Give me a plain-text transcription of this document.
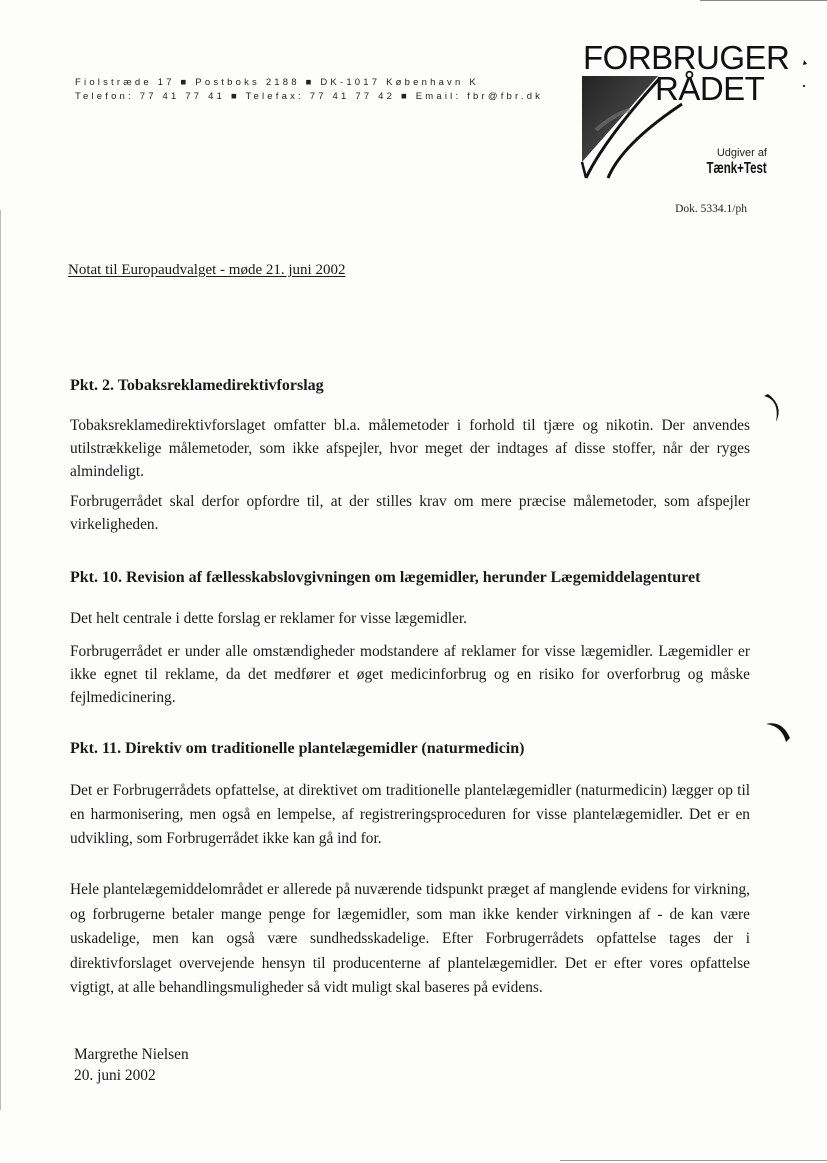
Fiolstræde 17 ■ Postboks 2188 ■ DK-1017 København K
Telefon: 77 41 77 41 ■ Telefax: 77 41 77 42 ■ Email: fbr@fbr.dk
FORBRUGER
RÅDET
Udgiver af
Tænk+Test
Dok. 5334.1/ph
Notat til Europaudvalget - møde 21. juni 2002
Pkt. 2. Tobaksreklamedirektivforslag

Tobaksreklamedirektivforslaget omfatter bl.a. målemetoder i forhold til tjære og nikotin. Der anvendes utilstrækkelige målemetoder, som ikke afspejler, hvor meget der indtages af disse stoffer, når der ryges almindeligt.

Forbrugerrådet skal derfor opfordre til, at der stilles krav om mere præcise målemetoder, som afspejler virkeligheden.

Pkt. 10. Revision af fællesskabslovgivningen om lægemidler, herunder Lægemiddelagenturet

Det helt centrale i dette forslag er reklamer for visse lægemidler.

Forbrugerrådet er under alle omstændigheder modstandere af reklamer for visse lægemidler. Lægemidler er ikke egnet til reklame, da det medfører et øget medicinforbrug og en risiko for overforbrug og måske fejlmedicinering.

Pkt. 11. Direktiv om traditionelle plantelægemidler (naturmedicin)

Det er Forbrugerrådets opfattelse, at direktivet om traditionelle plantelægemidler (naturmedicin) lægger op til en harmonisering, men også en lempelse, af registreringsproceduren for visse plantelægemidler. Det er en udvikling, som Forbrugerrådet ikke kan gå ind for.

Hele plantelægemiddelområdet er allerede på nuværende tidspunkt præget af manglende evidens for virkning, og forbrugerne betaler mange penge for lægemidler, som man ikke kender virkningen af - de kan være uskadelige, men kan også være sundhedsskadelige. Efter Forbrugerrådets opfattelse tages der i direktivforslaget overvejende hensyn til producenterne af plantelægemidler. Det er efter vores opfattelse vigtigt, at alle behandlingsmuligheder så vidt muligt skal baseres på evidens.

Margrethe Nielsen
20. juni 2002
